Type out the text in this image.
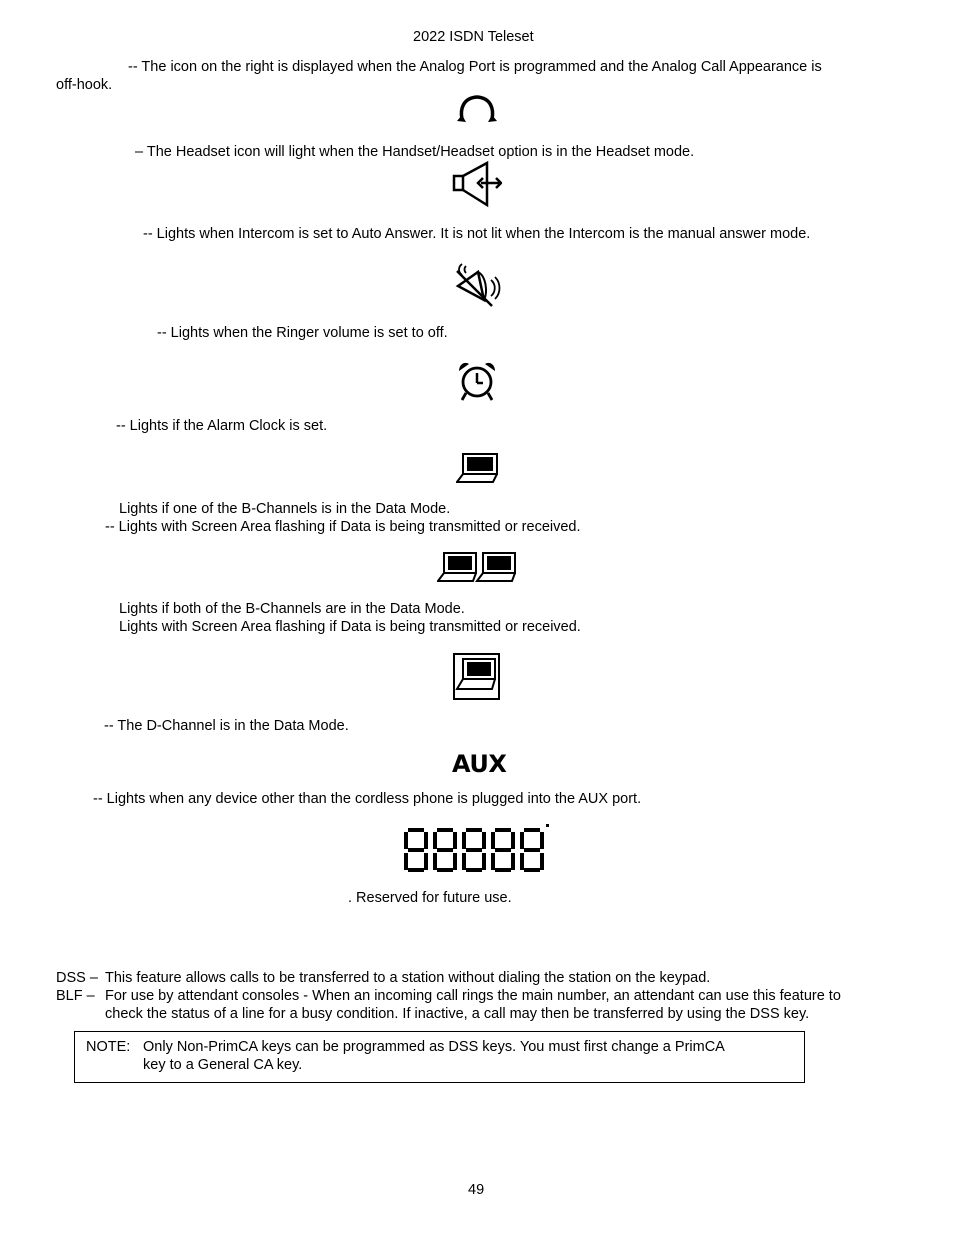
2022 ISDN Teleset
-- The icon on the right is displayed when the Analog Port is programmed and the Analog Call Appearance is
off-hook.
– The Headset icon will light when the Handset/Headset option is in the Headset mode.
-- Lights when Intercom is set to Auto Answer. It is not lit when the Intercom is the manual answer mode.
-- Lights when the Ringer volume is set to off.
-- Lights if the Alarm Clock is set.
Lights if one of the B-Channels is in the Data Mode.
-- Lights with Screen Area flashing if Data is being transmitted or received.
Lights if both of the B-Channels are in the Data Mode.
Lights with Screen Area flashing if Data is being transmitted or received.
-- The D-Channel is in the Data Mode.
AUX
-- Lights when any device other than the cordless phone is plugged into the AUX port.
. Reserved for future use.
DSS – This feature allows calls to be transferred to a station without dialing the station on the keypad.
BLF – For use by attendant consoles - When an incoming call rings the main number, an attendant can use this feature to
check the status of a line for a busy condition. If inactive, a call may then be transferred by using the DSS key.
NOTE: Only Non-PrimCA keys can be programmed as DSS keys. You must first change a PrimCA
key to a General CA key.
49
